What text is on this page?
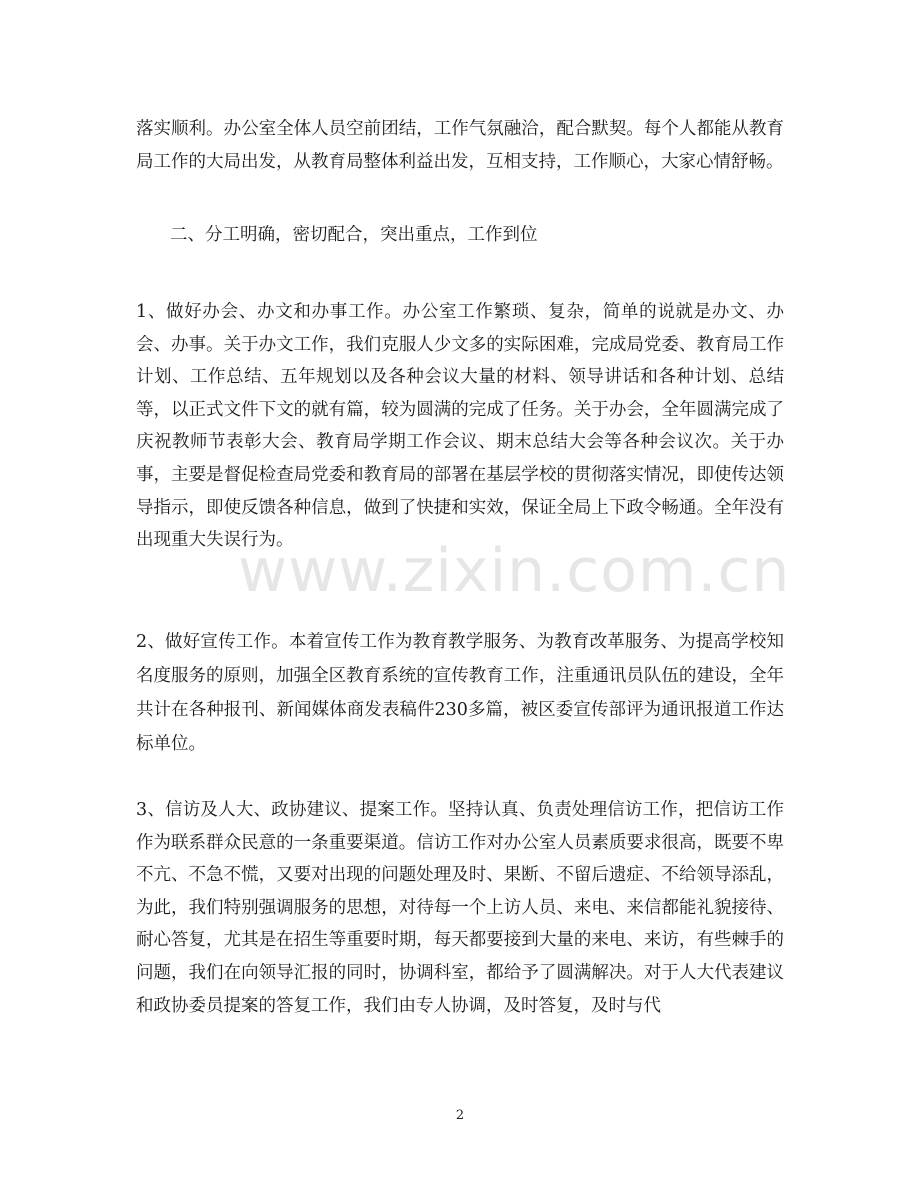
落实顺利。办公室全体人员空前团结，工作气氛融洽，配合默契。每个人都能从教育局工作的大局出发，从教育局整体利益出发，互相支持，工作顺心，大家心情舒畅。

二、分工明确，密切配合，突出重点，工作到位

1、做好办会、办文和办事工作。办公室工作繁琐、复杂，简单的说就是办文、办会、办事。关于办文工作，我们克服人少文多的实际困难，完成局党委、教育局工作计划、工作总结、五年规划以及各种会议大量的材料、领导讲话和各种计划、总结等，以正式文件下文的就有篇，较为圆满的完成了任务。关于办会，全年圆满完成了庆祝教师节表彰大会、教育局学期工作会议、期末总结大会等各种会议次。关于办事，主要是督促检查局党委和教育局的部署在基层学校的贯彻落实情况，即使传达领导指示，即使反馈各种信息，做到了快捷和实效，保证全局上下政令畅通。全年没有出现重大失误行为。

2、做好宣传工作。本着宣传工作为教育教学服务、为教育改革服务、为提高学校知名度服务的原则，加强全区教育系统的宣传教育工作，注重通讯员队伍的建设，全年共计在各种报刊、新闻媒体商发表稿件230多篇，被区委宣传部评为通讯报道工作达标单位。

3、信访及人大、政协建议、提案工作。坚持认真、负责处理信访工作，把信访工作作为联系群众民意的一条重要渠道。信访工作对办公室人员素质要求很高，既要不卑不亢、不急不慌，又要对出现的问题处理及时、果断、不留后遗症、不给领导添乱，为此，我们特别强调服务的思想，对待每一个上访人员、来电、来信都能礼貌接待、耐心答复，尤其是在招生等重要时期，每天都要接到大量的来电、来访，有些棘手的问题，我们在向领导汇报的同时，协调科室，都给予了圆满解决。对于人大代表建议和政协委员提案的答复工作，我们由专人协调，及时答复，及时与代

www.zixin.com.cn
2
